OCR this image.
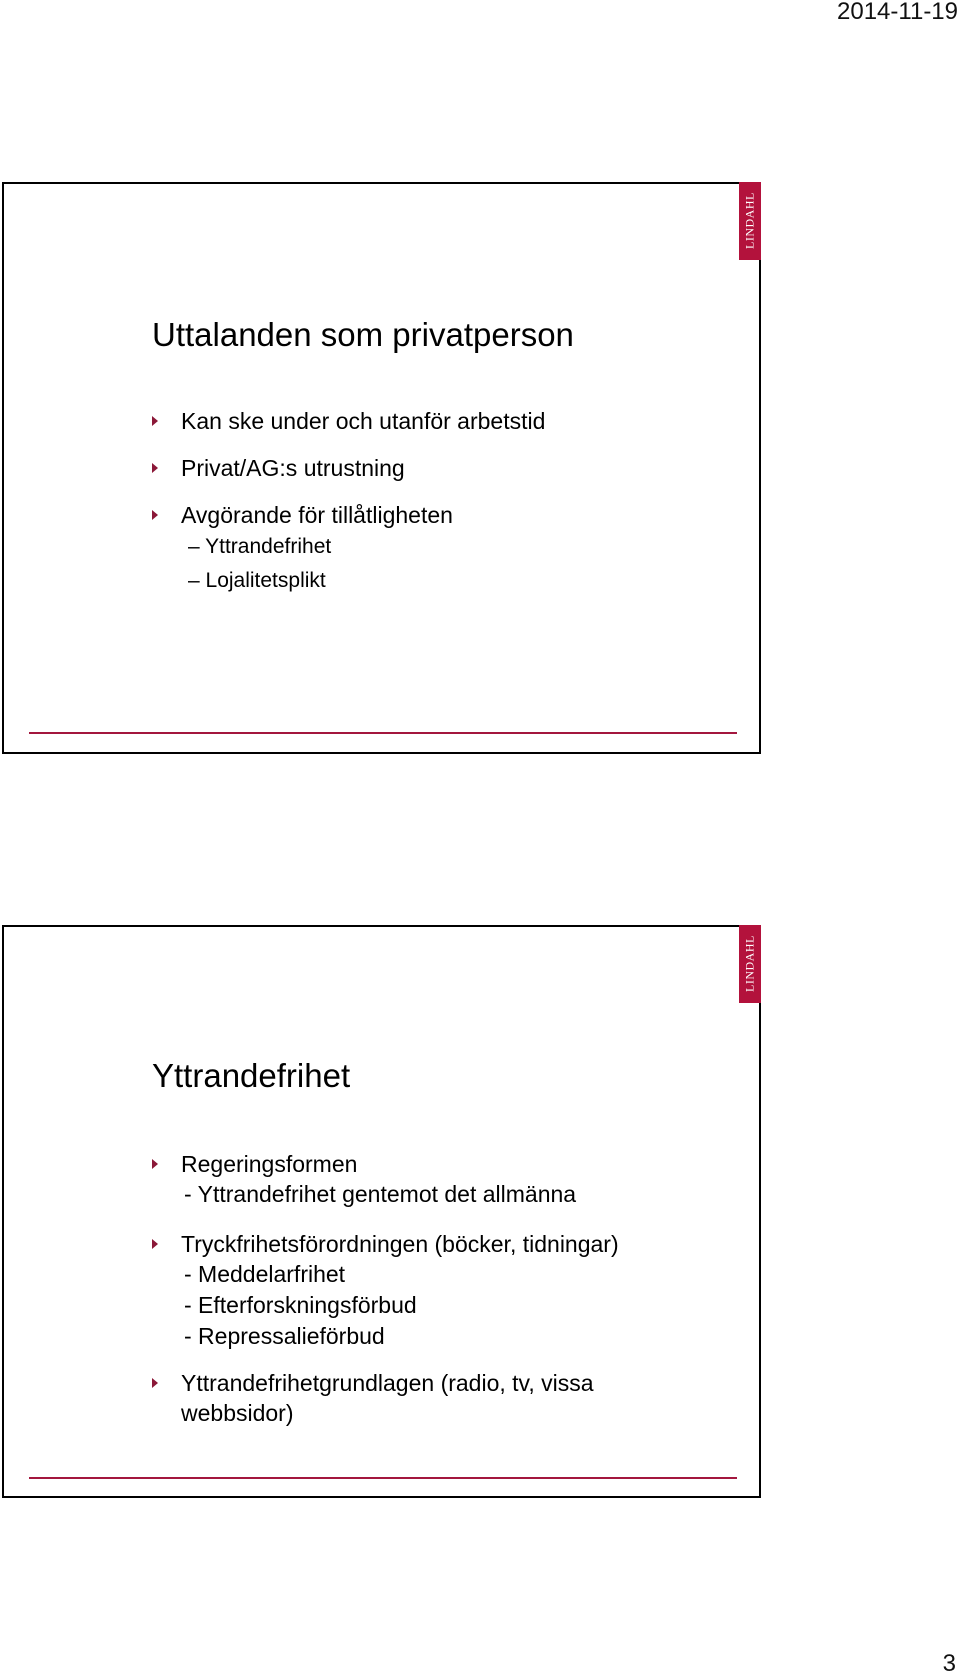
2014-11-19
LINDAHL
Uttalanden som privatperson
Kan ske under och utanför arbetstid
Privat/AG:s utrustning
Avgörande för tillåtligheten
– Yttrandefrihet
– Lojalitetsplikt
LINDAHL
Yttrandefrihet
Regeringsformen
- Yttrandefrihet gentemot det allmänna
Tryckfrihetsförordningen (böcker, tidningar)
- Meddelarfrihet
- Efterforskningsförbud
- Repressalieförbud
Yttrandefrihetgrundlagen (radio, tv, vissa
webbsidor)
3
